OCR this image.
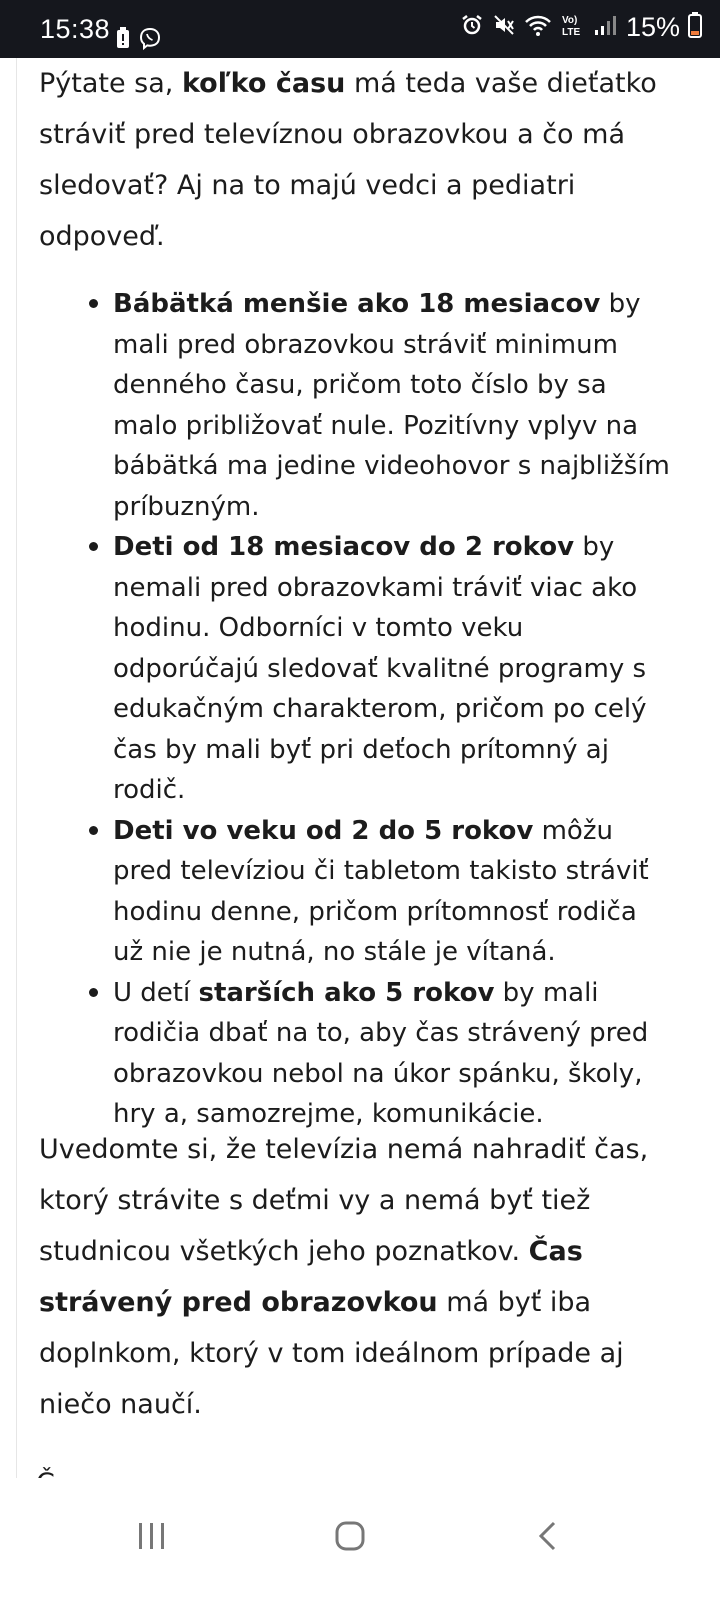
15:38	Vo)
LTE 15%

Pýtate sa, koľko času má teda vaše dieťatko stráviť pred televíznou obrazovkou a čo má sledovať? Aj na to majú vedci a pediatri odpoveď.

Bábätká menšie ako 18 mesiacov by mali pred obrazovkou stráviť minimum denného času, pričom toto číslo by sa malo približovať nule. Pozitívny vplyv na bábätká ma jedine videohovor s najbližším príbuzným.
Deti od 18 mesiacov do 2 rokov by nemali pred obrazovkami tráviť viac ako hodinu. Odborníci v tomto veku odporúčajú sledovať kvalitné programy s edukačným charakterom, pričom po celý čas by mali byť pri deťoch prítomný aj rodič.
Deti vo veku od 2 do 5 rokov môžu pred televíziou či tabletom takisto stráviť hodinu denne, pričom prítomnosť rodiča už nie je nutná, no stále je vítaná.
U detí starších ako 5 rokov by mali rodičia dbať na to, aby čas strávený pred obrazovkou nebol na úkor spánku, školy, hry a, samozrejme, komunikácie.

Uvedomte si, že televízia nemá nahradiť čas, ktorý strávite s deťmi vy a nemá byť tiež studnicou všetkých jeho poznatkov. Čas strávený pred obrazovkou má byť iba doplnkom, ktorý v tom ideálnom prípade aj niečo naučí.
